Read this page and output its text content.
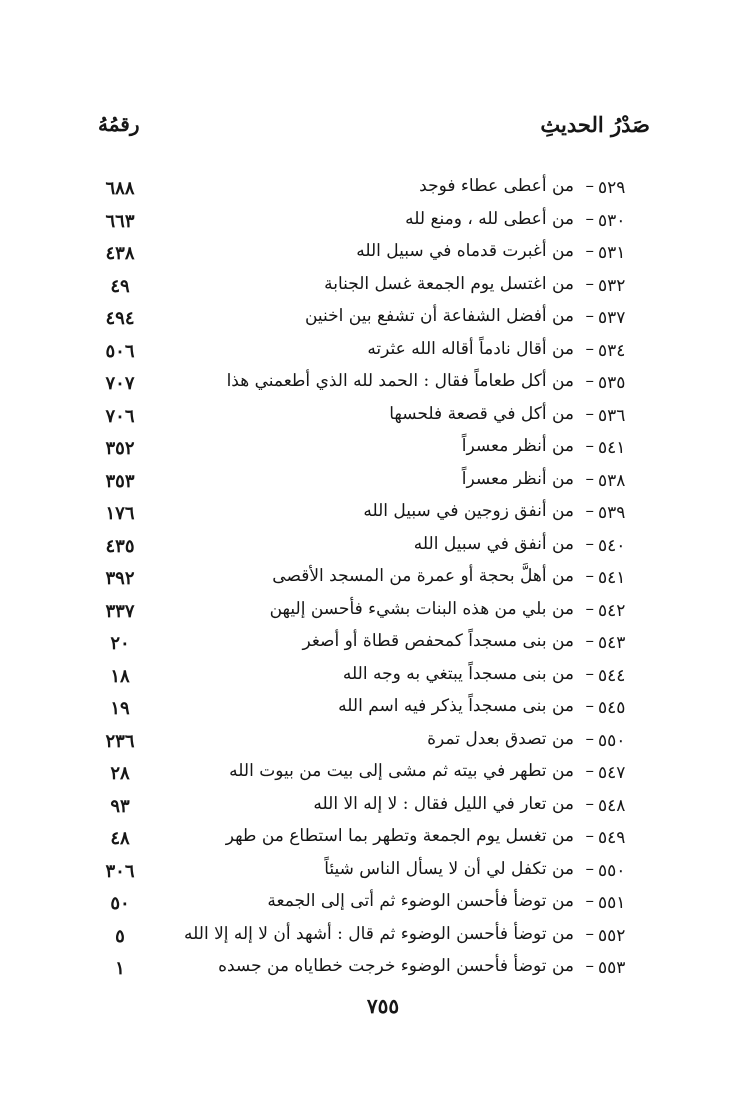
رقمُهُ	صَدْرُ الحديثِ
٦٨٨	من أعطى عطاء فوجد – ٥٢٩
٦٦٣	من أعطى لله ، ومنع لله – ٥٣٠
٤٣٨	من أغبرت قدماه في سبيل الله – ٥٣١
٤٩	من اغتسل يوم الجمعة غسل الجنابة – ٥٣٢
٤٩٤	من أفضل الشفاعة أن تشفع بين اخنين – ٥٣٧
٥٠٦	من أقال نادماً أقاله الله عثرته – ٥٣٤
٧٠٧	من أكل طعاماً فقال : الحمد لله الذي أطعمني هذا – ٥٣٥
٧٠٦	من أكل في قصعة فلحسها – ٥٣٦
٣٥٢	من أنظر معسراً – ٥٤١
٣٥٣	من أنظر معسراً – ٥٣٨
١٧٦	من أنفق زوجين في سبيل الله – ٥٣٩
٤٣٥	من أنفق في سبيل الله – ٥٤٠
٣٩٢	من أهلَّ بحجة أو عمرة من المسجد الأقصى – ٥٤١
٣٣٧	من بلي من هذه البنات بشيء فأحسن إليهن – ٥٤٢
٢٠	من بنى مسجداً كمحفص قطاة أو أصغر – ٥٤٣
١٨	من بنى مسجداً يبتغي به وجه الله – ٥٤٤
١٩	من بنى مسجداً يذكر فيه اسم الله – ٥٤٥
٢٣٦	من تصدق بعدل تمرة – ٥٥٠
٢٨	من تطهر في بيته ثم مشى إلى بيت من بيوت الله – ٥٤٧
٩٣	من تعار في الليل فقال : لا إله الا الله – ٥٤٨
٤٨	من تغسل يوم الجمعة وتطهر بما استطاع من طهر – ٥٤٩
٣٠٦	من تكفل لي أن لا يسأل الناس شيئاً – ٥٥٠
٥٠	من توضأ فأحسن الوضوء ثم أتى إلى الجمعة – ٥٥١
٥	من توضأ فأحسن الوضوء ثم قال : أشهد أن لا إله إلا الله – ٥٥٢
١	من توضأ فأحسن الوضوء خرجت خطاياه من جسده – ٥٥٣
٧٥٥
